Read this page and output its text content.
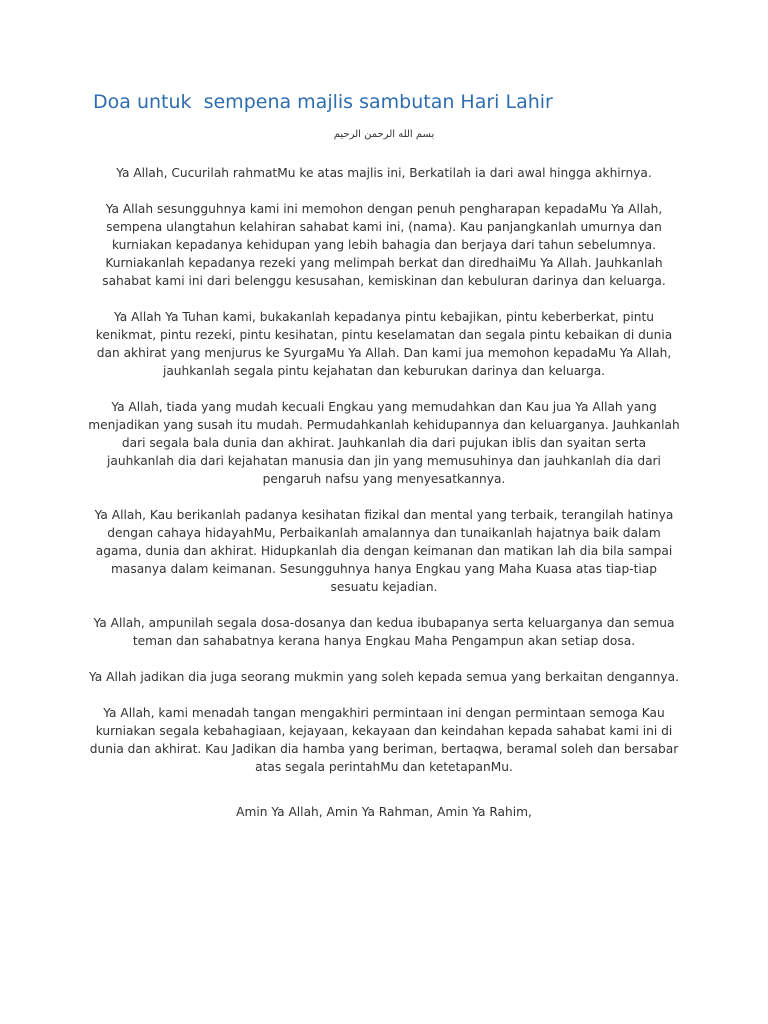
Doa untuk  sempena majlis sambutan Hari Lahir
بسم الله الرحمن الرحيم

Ya Allah, Cucurilah rahmatMu ke atas majlis ini, Berkatilah ia dari awal hingga akhirnya.

Ya Allah sesungguhnya kami ini memohon dengan penuh pengharapan kepadaMu Ya Allah, sempena ulangtahun kelahiran sahabat kami ini, (nama). Kau panjangkanlah umurnya dan kurniakan kepadanya kehidupan yang lebih bahagia dan berjaya dari tahun sebelumnya. Kurniakanlah kepadanya rezeki yang melimpah berkat dan diredhaiMu Ya Allah. Jauhkanlah sahabat kami ini dari belenggu kesusahan, kemiskinan dan kebuluran darinya dan keluarga.

Ya Allah Ya Tuhan kami, bukakanlah kepadanya pintu kebajikan, pintu keberberkat, pintu kenikmat, pintu rezeki, pintu kesihatan, pintu keselamatan dan segala pintu kebaikan di dunia dan akhirat yang menjurus ke SyurgaMu Ya Allah. Dan kami jua memohon kepadaMu Ya Allah, jauhkanlah segala pintu kejahatan dan keburukan darinya dan keluarga.

Ya Allah, tiada yang mudah kecuali Engkau yang memudahkan dan Kau jua Ya Allah yang menjadikan yang susah itu mudah. Permudahkanlah kehidupannya dan keluarganya. Jauhkanlah dari segala bala dunia dan akhirat. Jauhkanlah dia dari pujukan iblis dan syaitan serta jauhkanlah dia dari kejahatan manusia dan jin yang memusuhinya dan jauhkanlah dia dari pengaruh nafsu yang menyesatkannya.

Ya Allah, Kau berikanlah padanya kesihatan fizikal dan mental yang terbaik, terangilah hatinya dengan cahaya hidayahMu, Perbaikanlah amalannya dan tunaikanlah hajatnya baik dalam agama, dunia dan akhirat. Hidupkanlah dia dengan keimanan dan matikan lah dia bila sampai masanya dalam keimanan. Sesungguhnya hanya Engkau yang Maha Kuasa atas tiap-tiap sesuatu kejadian.

Ya Allah, ampunilah segala dosa-dosanya dan kedua ibubapanya serta keluarganya dan semua teman dan sahabatnya kerana hanya Engkau Maha Pengampun akan setiap dosa.

Ya Allah jadikan dia juga seorang mukmin yang soleh kepada semua yang berkaitan dengannya.

Ya Allah, kami menadah tangan mengakhiri permintaan ini dengan permintaan semoga Kau kurniakan segala kebahagiaan, kejayaan, kekayaan dan keindahan kepada sahabat kami ini di dunia dan akhirat. Kau Jadikan dia hamba yang beriman, bertaqwa, beramal soleh dan bersabar atas segala perintahMu dan ketetapanMu.

Amin Ya Allah, Amin Ya Rahman, Amin Ya Rahim,
